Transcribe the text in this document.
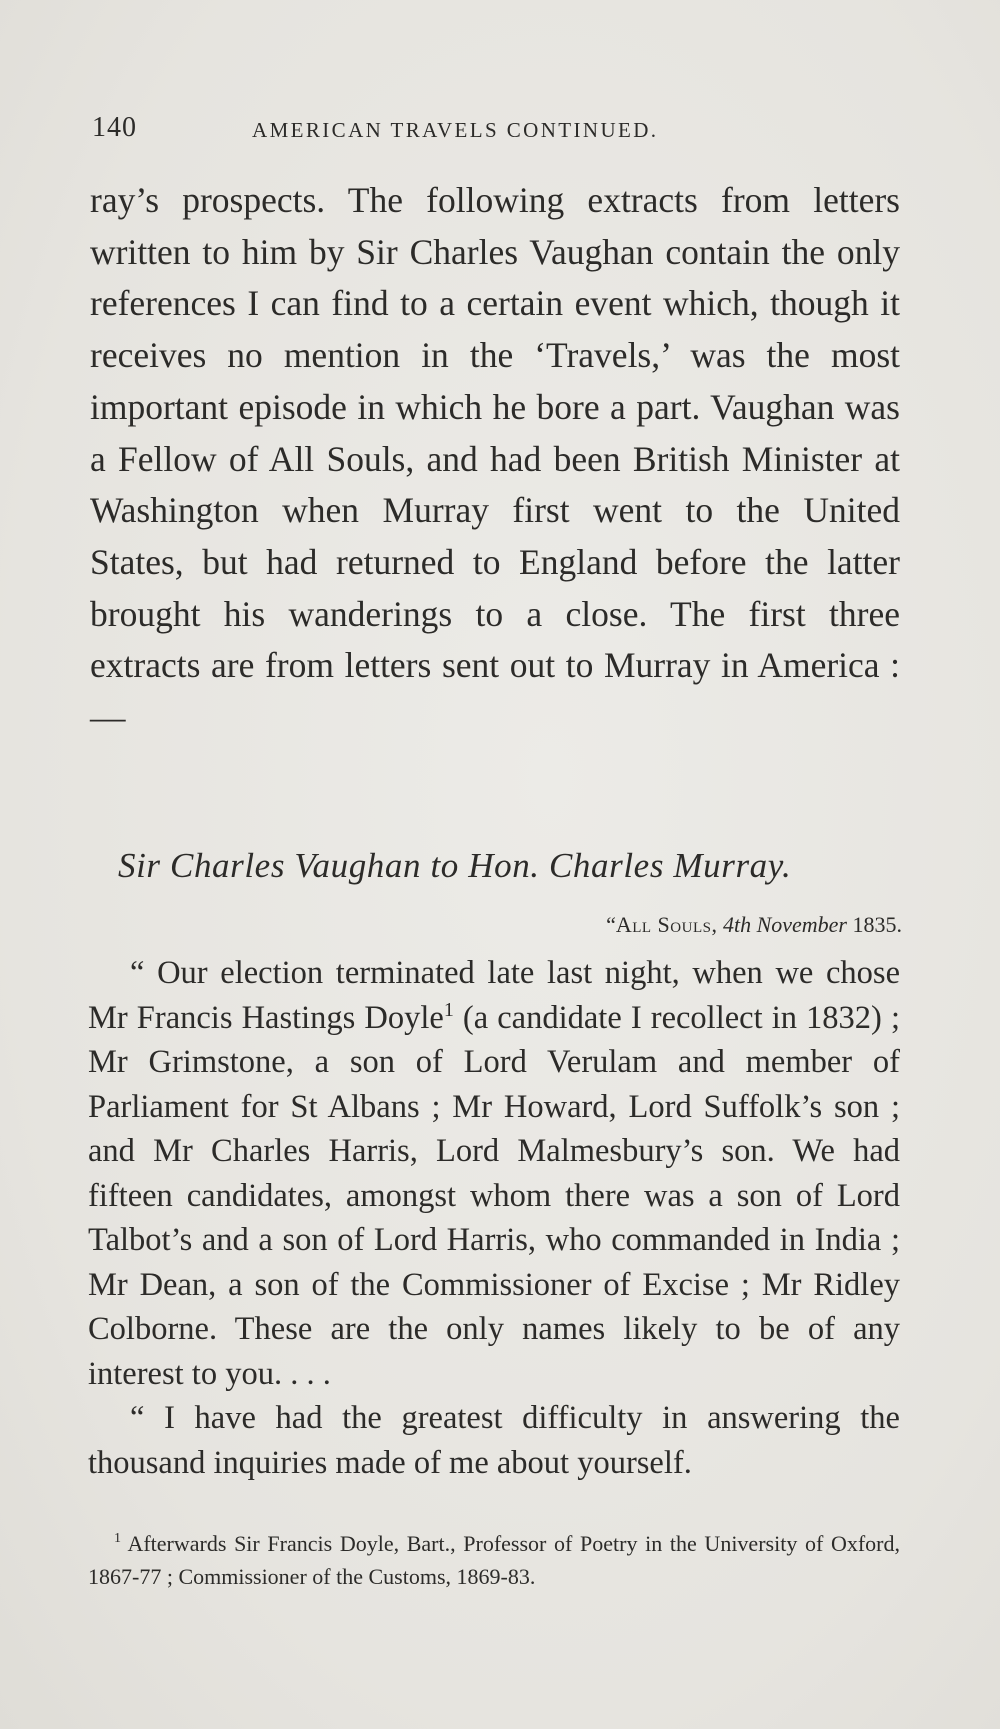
140	AMERICAN TRAVELS CONTINUED.

ray’s prospects. The following extracts from letters written to him by Sir Charles Vaughan contain the only references I can find to a certain event which, though it receives no mention in the ‘Travels,’ was the most important episode in which he bore a part. Vaughan was a Fellow of All Souls, and had been British Minister at Washington when Murray first went to the United States, but had returned to England before the latter brought his wanderings to a close. The first three extracts are from letters sent out to Murray in America :—

Sir Charles Vaughan to Hon. Charles Murray.
“All Souls, 4th November 1835.

“ Our election terminated late last night, when we chose Mr Francis Hastings Doyle$^1$ (a candidate I recollect in 1832) ; Mr Grimstone, a son of Lord Verulam and member of Parliament for St Albans ; Mr Howard, Lord Suffolk’s son ; and Mr Charles Harris, Lord Malmesbury’s son. We had fifteen candidates, amongst whom there was a son of Lord Talbot’s and a son of Lord Harris, who commanded in India ; Mr Dean, a son of the Commissioner of Excise ; Mr Ridley Colborne. These are the only names likely to be of any interest to you. . . .

“ I have had the greatest difficulty in answering the thousand inquiries made of me about yourself.

$^1$ Afterwards Sir Francis Doyle, Bart., Professor of Poetry in the University of Oxford, 1867-77 ; Commissioner of the Customs, 1869-83.
